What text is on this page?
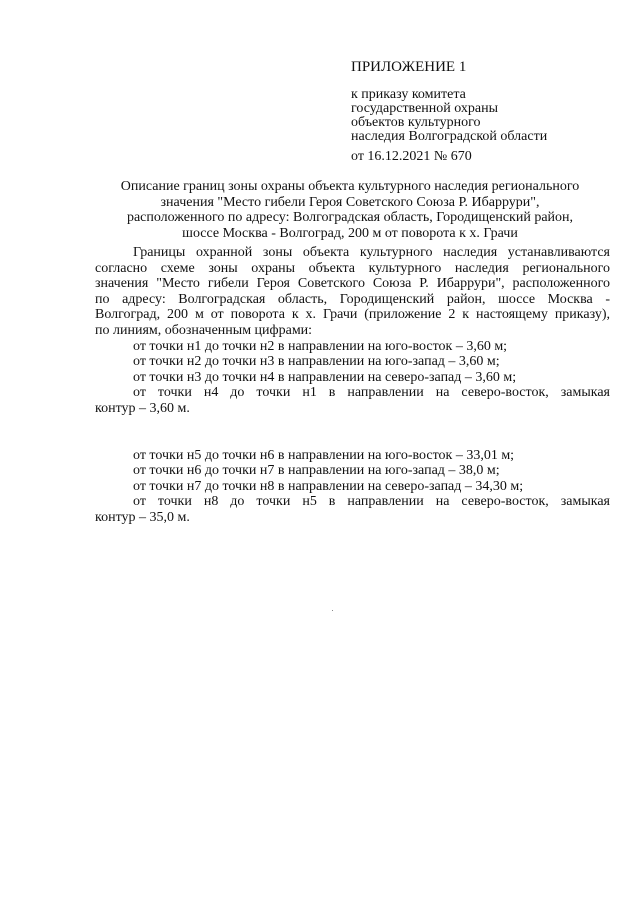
ПРИЛОЖЕНИЕ 1
к приказу комитета
государственной охраны
объектов культурного
наследия Волгоградской области
от 16.12.2021 № 670
Описание границ зоны охраны объекта культурного наследия регионального
значения "Место гибели Героя Советского Союза Р. Ибаррури",
расположенного по адресу: Волгоградская область, Городищенский район,
шоссе Москва - Волгоград, 200 м от поворота к х. Грачи
Границы охранной зоны объекта культурного наследия устанавливаются
согласно схеме зоны охраны объекта культурного наследия регионального
значения "Место гибели Героя Советского Союза Р. Ибаррури", расположенного
по адресу: Волгоградская область, Городищенский район, шоссе Москва -
Волгоград, 200 м от поворота к х. Грачи (приложение 2 к настоящему приказу),
по линиям, обозначенным цифрами:
от точки н1 до точки н2 в направлении на юго-восток – 3,60 м;
от точки н2 до точки н3 в направлении на юго-запад – 3,60 м;
от точки н3 до точки н4 в направлении на северо-запад – 3,60 м;
от точки н4 до точки н1 в направлении на северо-восток, замыкая
контур – 3,60 м.
от точки н5 до точки н6 в направлении на юго-восток – 33,01 м;
от точки н6 до точки н7 в направлении на юго-запад – 38,0 м;
от точки н7 до точки н8 в направлении на северо-запад – 34,30 м;
от точки н8 до точки н5 в направлении на северо-восток, замыкая
контур – 35,0 м.
